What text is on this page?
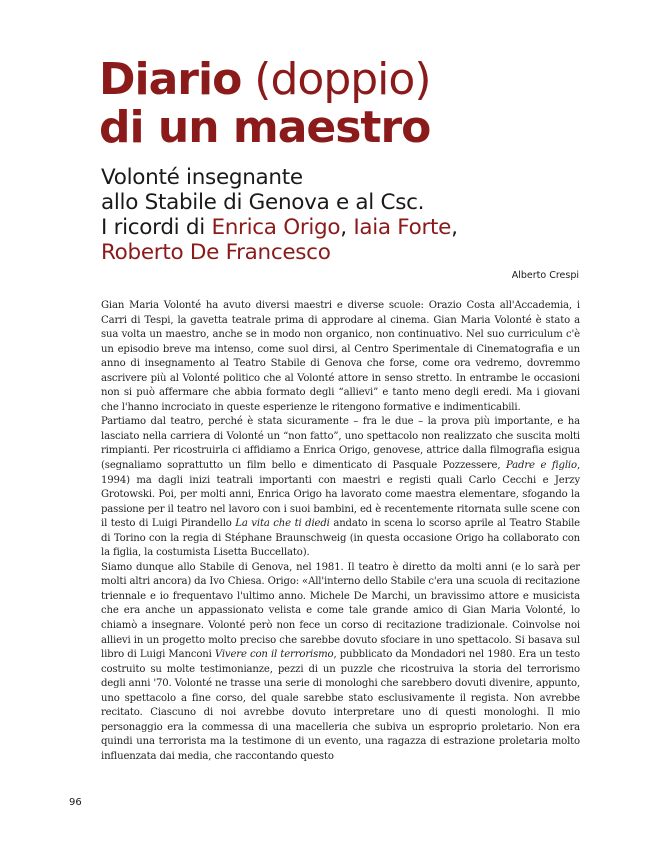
Diario (doppio)
di un maestro
Volonté insegnante
allo Stabile di Genova e al Csc.
I ricordi di Enrica Origo, Iaia Forte,
Roberto De Francesco
Alberto Crespi

Gian Maria Volonté ha avuto diversi maestri e diverse scuole: Orazio Costa all'Accademia, i Carri di Tespi, la gavetta teatrale prima di approdare al cinema. Gian Maria Volonté è stato a sua volta un maestro, anche se in modo non organico, non continuativo. Nel suo curriculum c'è un episodio breve ma intenso, come suol dirsi, al Centro Sperimentale di Cinematografia e un anno di insegnamento al Teatro Stabile di Genova che forse, come ora vedremo, dovremmo ascrivere più al Volonté politico che al Volonté attore in senso stretto. In entrambe le occasioni non si può affermare che abbia formato degli “allievi” e tanto meno degli eredi. Ma i giovani che l'hanno incrociato in queste esperienze le ritengono formative e indimenticabili.

Partiamo dal teatro, perché è stata sicuramente – fra le due – la prova più importante, e ha lasciato nella carriera di Volonté un “non fatto”, uno spettacolo non realizzato che suscita molti rimpianti. Per ricostruirla ci affidiamo a Enrica Origo, genovese, attrice dalla filmografia esigua (segnaliamo soprattutto un film bello e dimenticato di Pasquale Pozzessere, Padre e figlio, 1994) ma dagli inizi teatrali importanti con maestri e registi quali Carlo Cecchi e Jerzy Grotowski. Poi, per molti anni, Enrica Origo ha lavorato come maestra elementare, sfogando la passione per il teatro nel lavoro con i suoi bambini, ed è recentemente ritornata sulle scene con il testo di Luigi Pirandello La vita che ti diedi andato in scena lo scorso aprile al Teatro Stabile di Torino con la regia di Stéphane Braunschweig (in questa occasione Origo ha collaborato con la figlia, la costumista Lisetta Buccellato).

Siamo dunque allo Stabile di Genova, nel 1981. Il teatro è diretto da molti anni (e lo sarà per molti altri ancora) da Ivo Chiesa. Origo: «All'interno dello Stabile c'era una scuola di recitazione triennale e io frequentavo l'ultimo anno. Michele De Marchi, un bravissimo attore e musicista che era anche un appassionato velista e come tale grande amico di Gian Maria Volonté, lo chiamò a insegnare. Volonté però non fece un corso di recitazione tradizionale. Coinvolse noi allievi in un progetto molto preciso che sarebbe dovuto sfociare in uno spettacolo. Si basava sul libro di Luigi Manconi Vivere con il terrorismo, pubblicato da Mondadori nel 1980. Era un testo costruito su molte testimonianze, pezzi di un puzzle che ricostruiva la storia del terrorismo degli anni '70. Volonté ne trasse una serie di monologhi che sarebbero dovuti divenire, appunto, uno spettacolo a fine corso, del quale sarebbe stato esclusivamente il regista. Non avrebbe recitato. Ciascuno di noi avrebbe dovuto interpretare uno di questi monologhi. Il mio personaggio era la commessa di una macelleria che subiva un esproprio proletario. Non era quindi una terrorista ma la testimone di un evento, una ragazza di estrazione proletaria molto influenzata dai media, che raccontando questo

96
